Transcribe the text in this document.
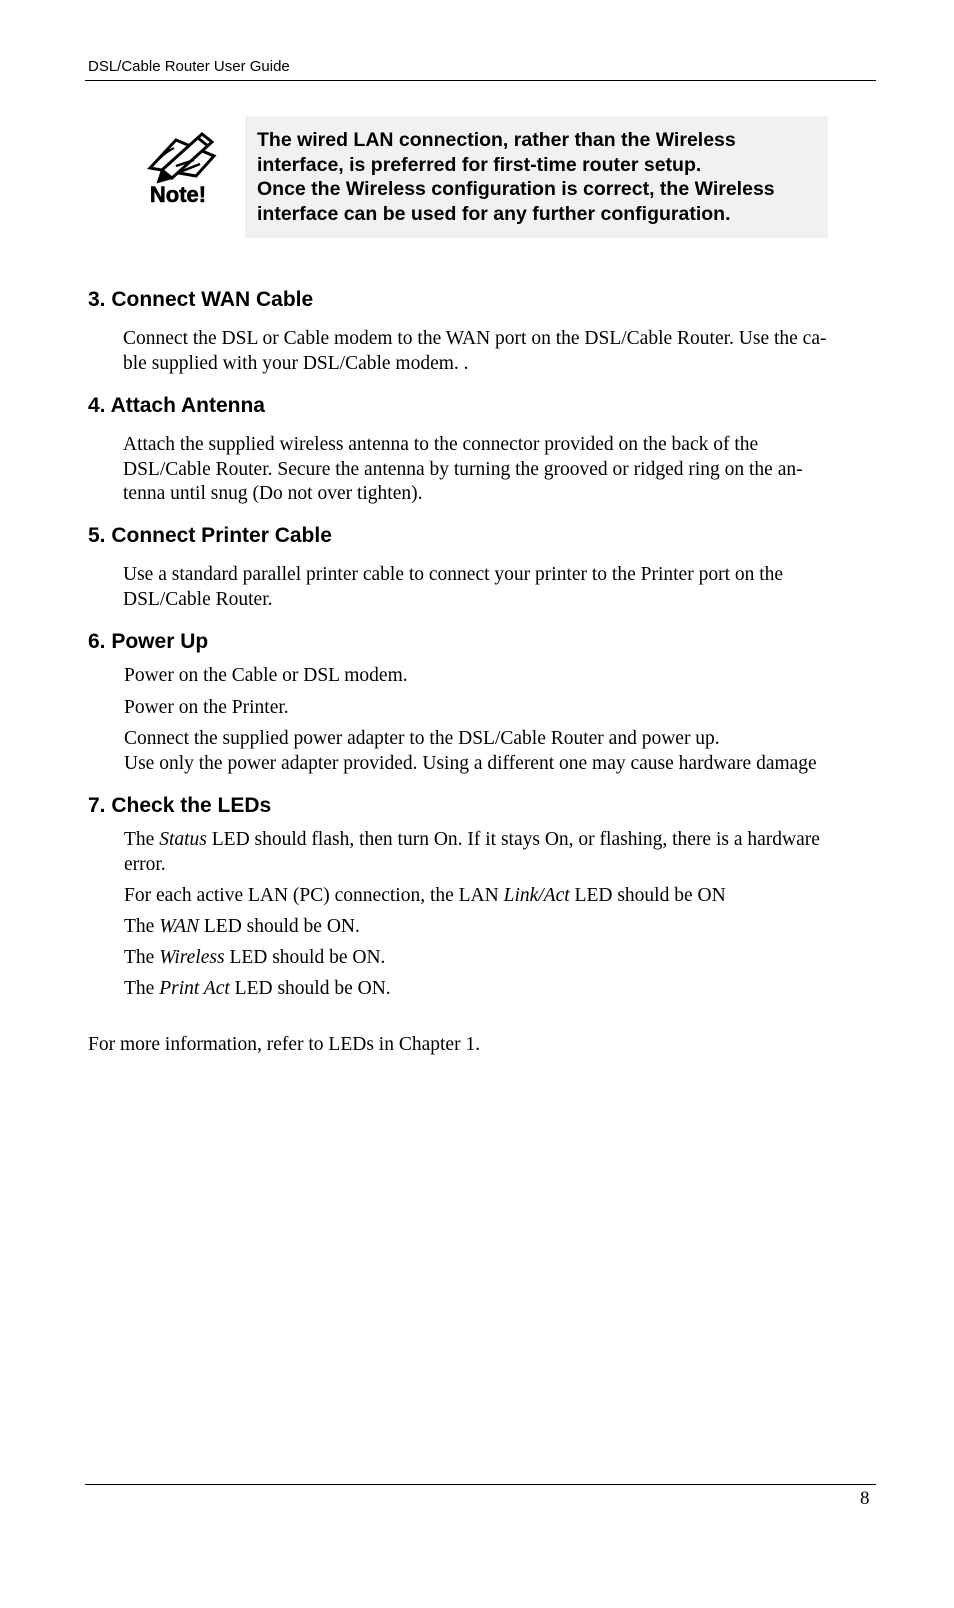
DSL/Cable Router User Guide
Note!
The wired LAN connection, rather than the Wireless
interface, is preferred for first-time router setup.
Once the Wireless configuration is correct, the Wireless
interface can be used for any further configuration.
3. Connect WAN Cable
Connect the DSL or Cable modem to the WAN port on the DSL/Cable Router. Use the ca-
ble supplied with your DSL/Cable modem. .
4. Attach Antenna
Attach the supplied wireless antenna to the connector provided on the back of the
DSL/Cable Router. Secure the antenna by turning the grooved or ridged ring on the an-
tenna until snug (Do not over tighten).
5. Connect Printer Cable
Use a standard parallel printer cable to connect your printer to the Printer port on the
DSL/Cable Router.
6. Power Up
Power on the Cable or DSL modem.
Power on the Printer.
Connect the supplied power adapter to the DSL/Cable Router and power up.
Use only the power adapter provided. Using a different one may cause hardware damage
7. Check the LEDs
The Status LED should flash, then turn On. If it stays On, or flashing, there is a hardware
error.
For each active LAN (PC) connection, the LAN Link/Act LED should be ON
The WAN LED should be ON.
The Wireless LED should be ON.
The Print Act LED should be ON.
For more information, refer to LEDs in Chapter 1.
8
